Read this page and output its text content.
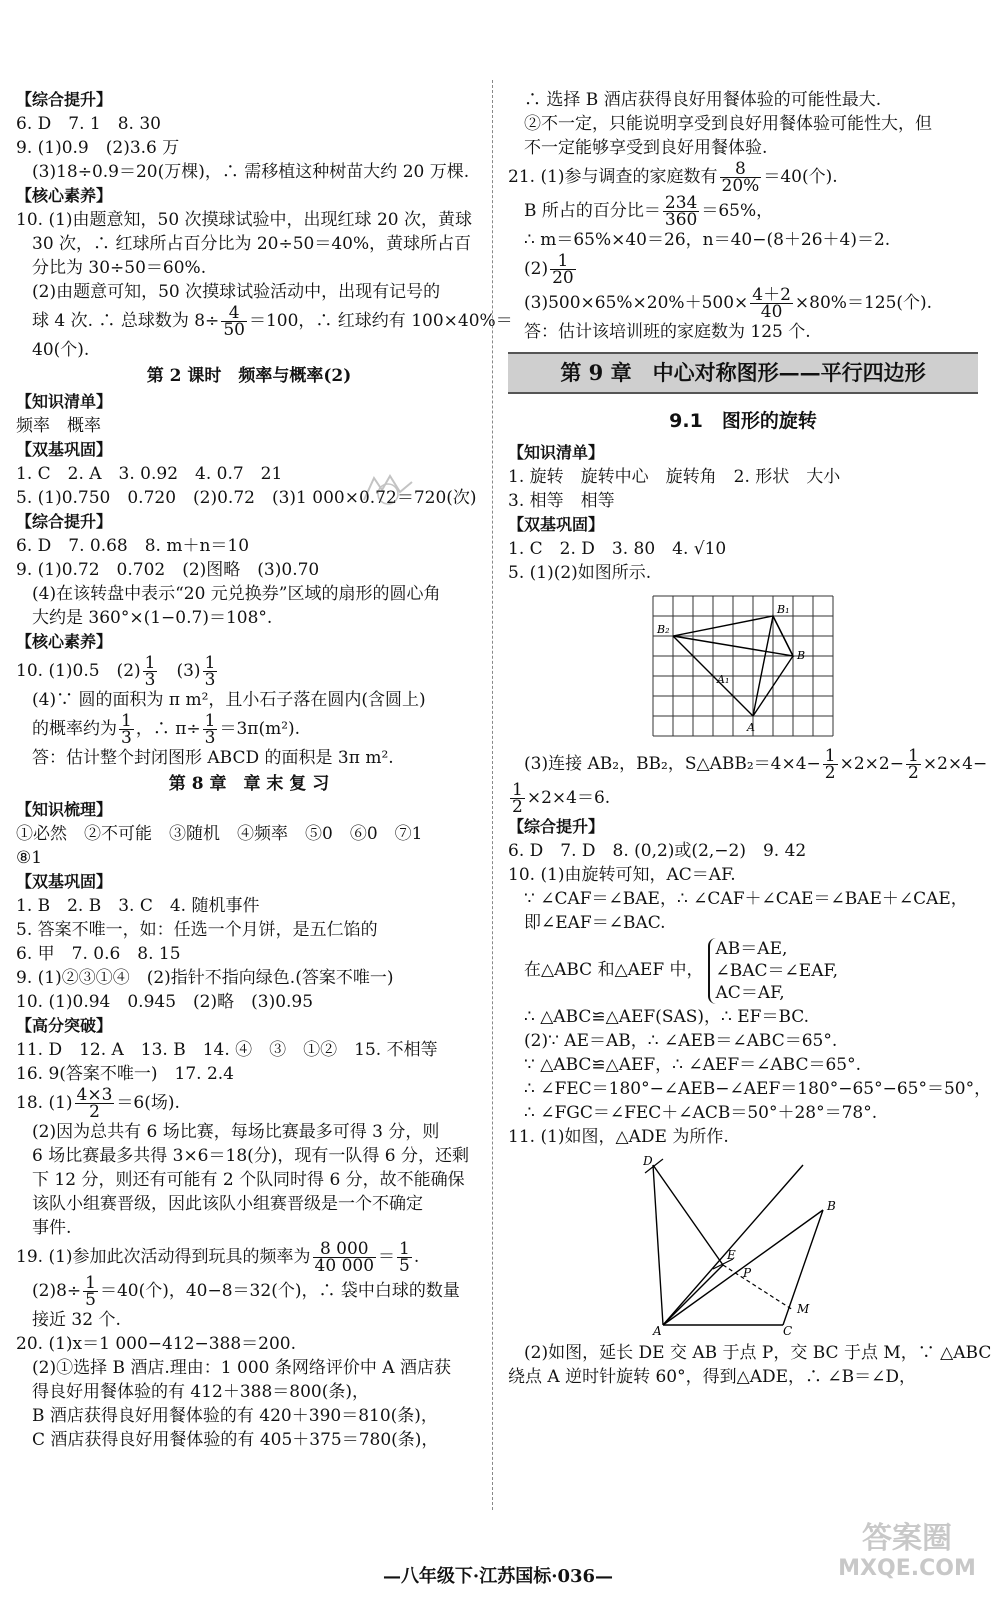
【综合提升】
6. D　7. 1　8. 30
9. (1)0.9　(2)3.6 万
(3)18÷0.9＝20(万棵)，∴ 需移植这种树苗大约 20 万棵.
【核心素养】
10. (1)由题意知，50 次摸球试验中，出现红球 20 次，黄球
30 次，∴ 红球所占百分比为 20÷50＝40%，黄球所占百
分比为 30÷50＝60%.
(2)由题意可知，50 次摸球试验活动中，出现有记号的
球 4 次. ∴ 总球数为 $8\div \frac{4}{50} =100$，∴ 红球约有 100×40%＝
40(个).
第 2 课时　频率与概率(2)
【知识清单】
频率　概率
【双基巩固】
1. C　2. A　3. 0.92　4. 0.7　21
5. (1)0.750　0.720　(2)0.72　(3)1 000×0.72＝720(次)
【综合提升】
6. D　7. 0.68　8. m＋n＝10
9. (1)0.72　0.702　(2)图略　(3)0.70
(4)在该转盘中表示“20 元兑换券”区域的扇形的圆心角
大约是 360°×(1−0.7)＝108°.
【核心素养】
10. (1)0.5　$(2) \frac{1}{3}$ 　$(3) \frac{1}{3}$
(4)∵ 圆的面积为 π m²，且小石子落在圆内(含圆上)
的概率约为 $\frac{1}{3}$ ，∴ $\pi\div \frac{1}{3} =3\pi(m^2)$.
答：估计整个封闭图形 ABCD 的面积是 3π m².
第 8 章　章 末 复 习
【知识梳理】
①必然　②不可能　③随机　④频率　⑤0　⑥0　⑦1
⑧1
【双基巩固】
1. B　2. B　3. C　4. 随机事件
5. 答案不唯一，如：任选一个月饼，是五仁馅的
6. 甲　7. 0.6　8. 15
9. (1)②③①④　(2)指针不指向绿色.(答案不唯一)
10. (1)0.94　0.945　(2)略　(3)0.95
【高分突破】
11. D　12. A　13. B　14. ④　③　①②　15. 不相等
16. 9(答案不唯一)　17. 2.4
18. $(1) \frac{4\times 3}{2} =6$(场).
(2)因为总共有 6 场比赛，每场比赛最多可得 3 分，则
6 场比赛最多共得 3×6＝18(分)，现有一队得 6 分，还剩
下 12 分，则还有可能有 2 个队同时得 6 分，故不能确保
该队小组赛晋级，因此该队小组赛晋级是一个不确定
事件.
19. (1)参加此次活动得到玩具的频率为 $\frac{8 000}{40 000} = \frac{1}{5}$ .
$(2)8\div \frac{1}{5} =40$(个)，40−8＝32(个)，∴ 袋中白球的数量
接近 32 个.
20. (1)x＝1 000−412−388＝200.
(2)①选择 B 酒店.理由：1 000 条网络评价中 A 酒店获
得良好用餐体验的有 412＋388＝800(条)，
B 酒店获得良好用餐体验的有 420＋390＝810(条)，
C 酒店获得良好用餐体验的有 405＋375＝780(条)，
∴ 选择 B 酒店获得良好用餐体验的可能性最大.
②不一定，只能说明享受到良好用餐体验可能性大，但
不一定能够享受到良好用餐体验.
21. (1)参与调查的家庭数有 $\frac{8}{20\%} =40$(个).
B 所占的百分比＝ $\frac{234}{360} =65\%$，
∴ m＝65%×40＝26，n＝40−(8＋26＋4)＝2.
$(2) \frac{1}{20}$
$(3)500\times 65\%\times 20\%+500\times \frac{4+2}{40} \times 80\%=125$(个).
答：估计该培训班的家庭数为 125 个.
第 9 章　中心对称图形——平行四边形
9.1　图形的旋转
【知识清单】
1. 旋转　旋转中心　旋转角　2. 形状　大小
3. 相等　相等
【双基巩固】
1. C　2. D　3. 80　4. √10
5. (1)(2)如图所示.
B₂
B₁
B
A₁
A
(3)连接 AB₂，BB₂，S△ABB₂＝4×4− $\frac{1}{2} \times 2\times 2- \frac{1}{2} \times 2\times 4-$
$\frac{1}{2} \times 2\times 4=6$.
【综合提升】
6. D　7. D　8. (0,2)或(2,−2)　9. 42
10. (1)由旋转可知，AC＝AF.
∵ ∠CAF＝∠BAE，∴ ∠CAF＋∠CAE＝∠BAE＋∠CAE，
即∠EAF＝∠BAC.
在△ABC 和△AEF 中，
AB＝AE,
∠BAC＝∠EAF,
AC＝AF,
∴ △ABC≌△AEF(SAS)，∴ EF＝BC.
(2)∵ AE＝AB，∴ ∠AEB＝∠ABC＝65°.
∵ △ABC≌△AEF，∴ ∠AEF＝∠ABC＝65°.
∴ ∠FEC＝180°−∠AEB−∠AEF＝180°−65°−65°＝50°，
∴ ∠FGC＝∠FEC＋∠ACB＝50°＋28°＝78°.
11. (1)如图，△ADE 为所作.
D
E
B
P
M
A	C
(2)如图，延长 DE 交 AB 于点 P，交 BC 于点 M，∵ △ABC
绕点 A 逆时针旋转 60°，得到△ADE，∴ ∠B＝∠D，
—八年级下·江苏国标·036—
答案圈
MXQE.COM
